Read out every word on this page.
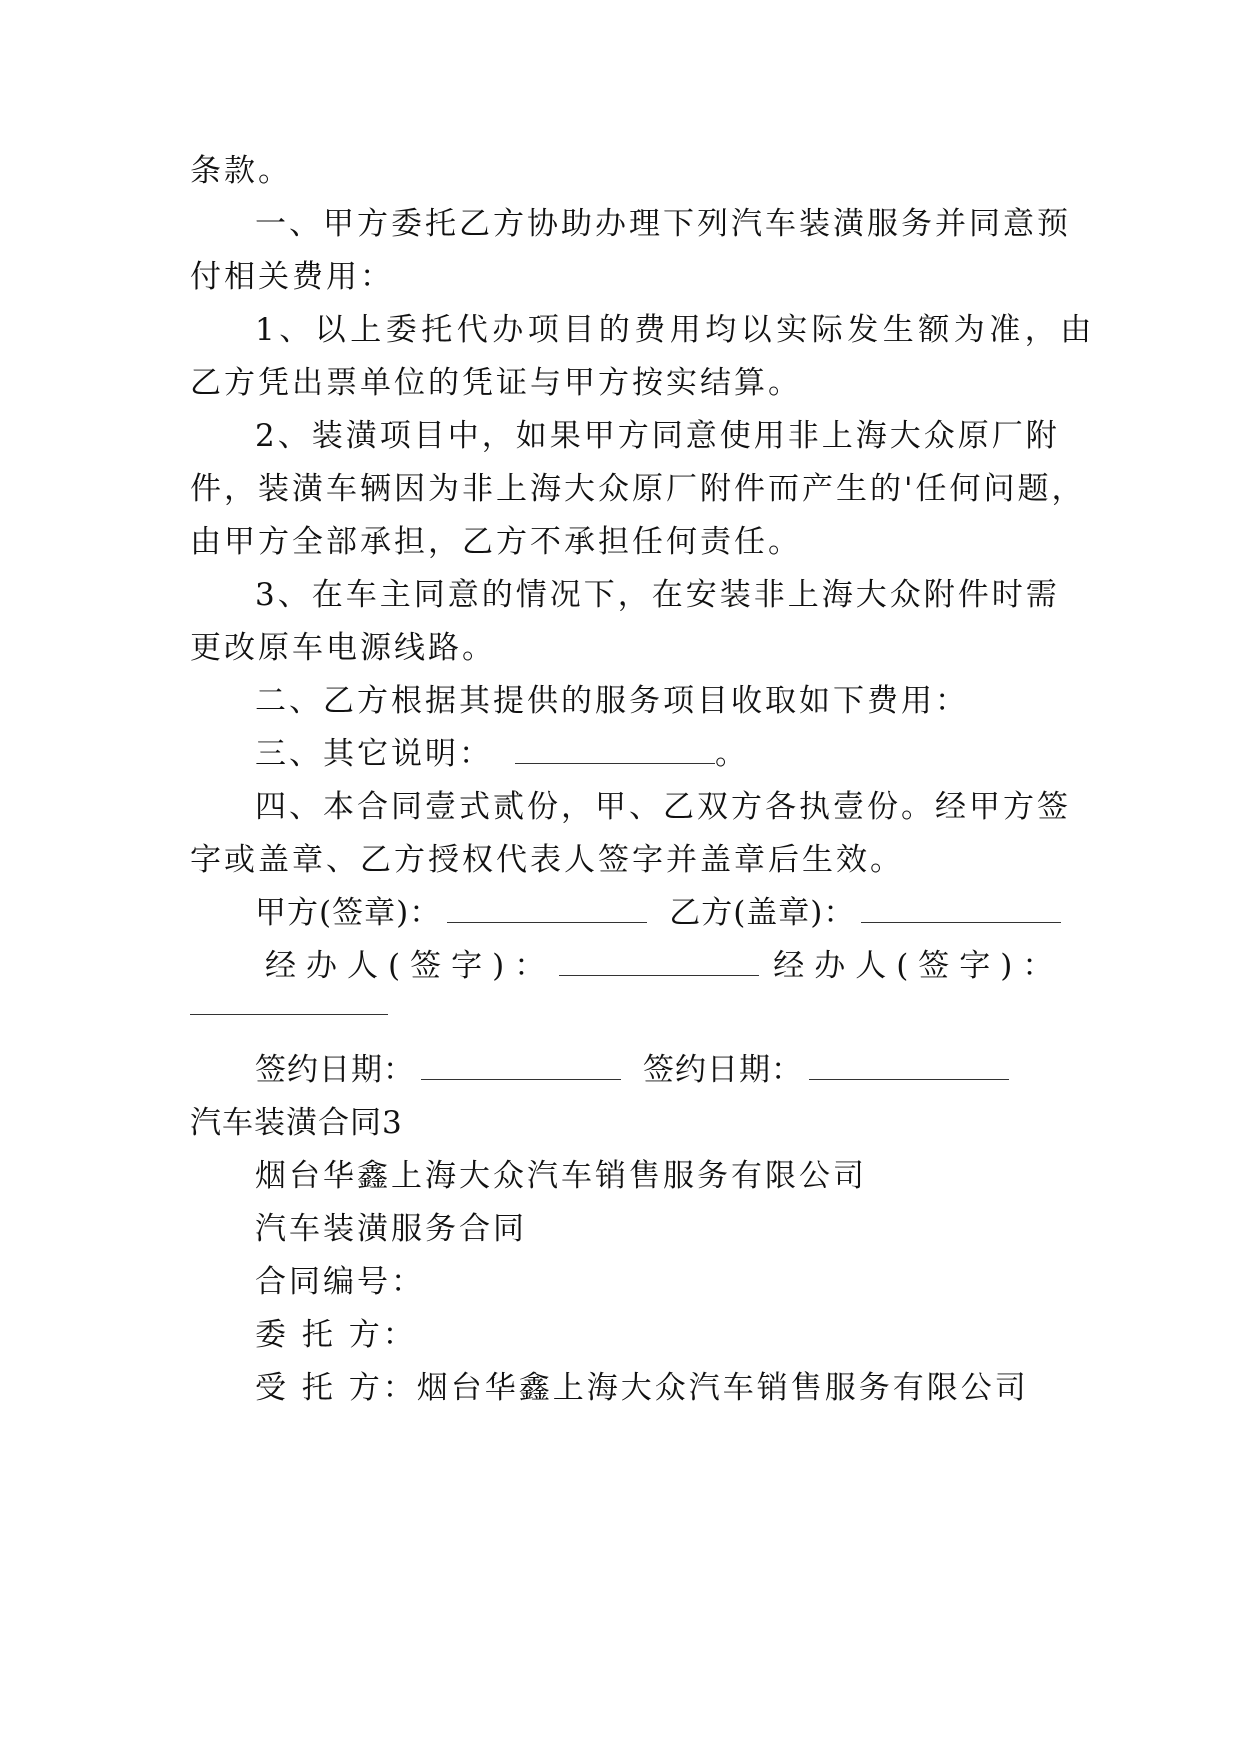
条款。
一、甲方委托乙方协助办理下列汽车装潢服务并同意预
付相关费用：
1、以上委托代办项目的费用均以实际发生额为准，由
乙方凭出票单位的凭证与甲方按实结算。
2、装潢项目中，如果甲方同意使用非上海大众原厂附
件，装潢车辆因为非上海大众原厂附件而产生的'任何问题，
由甲方全部承担，乙方不承担任何责任。
3、在车主同意的情况下，在安装非上海大众附件时需
更改原车电源线路。
二、乙方根据其提供的服务项目收取如下费用：
三、其它说明：	。
四、本合同壹式贰份，甲、乙双方各执壹份。经甲方签
字或盖章、乙方授权代表人签字并盖章后生效。
甲方(签章)：	乙方(盖章)：
经办人(签字)：	经办人(签字)：
签约日期：	签约日期：
汽车装潢合同3
烟台华鑫上海大众汽车销售服务有限公司
汽车装潢服务合同
合同编号：
委 托 方：
受 托 方：烟台华鑫上海大众汽车销售服务有限公司
